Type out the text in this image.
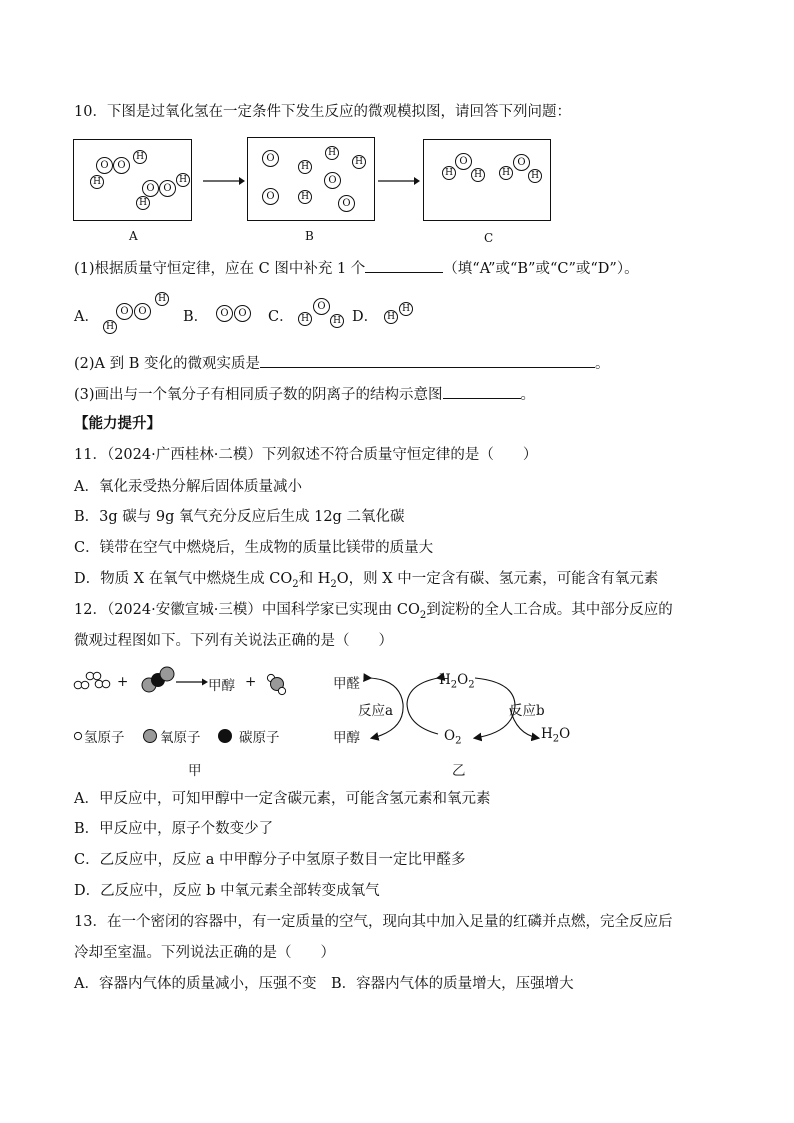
10．下图是过氧化氢在一定条件下发生反应的微观模拟图，请回答下列问题：
O O
H
H
O O
H
H
A
O	H
H	H
O
O	H
O
B
H
O
H	H
O
H
C
(1)根据质量守恒定律，应在 C 图中补充 1 个	（填“A”或“B”或“C”或“D”）。
A．
H
O O
H
B．	O O	C． H
O
H D． H
H
(2)A 到 B 变化的微观实质是	。
(3)画出与一个氧分子有相同质子数的阴离子的结构示意图	。
【能力提升】
11．（2024·广西桂林·二模）下列叙述不符合质量守恒定律的是（　　）
A．氧化汞受热分解后固体质量减小
B．3g 碳与 9g 氧气充分反应后生成 12g 二氧化碳
C．镁带在空气中燃烧后，生成物的质量比镁带的质量大
D．物质 X 在氧气中燃烧生成 $CO_2$和 $H_2O$，则 X 中一定含有碳、氢元素，可能含有氧元素
12．（2024·安徽宣城·三模）中国科学家已实现由 $CO_2$到淀粉的全人工合成。其中部分反应的
微观过程图如下。下列有关说法正确的是（　　）
+	甲醇 +
氢原子	氧原子	碳原子
甲
甲醛	$H_2O_2$
反应a	反应b
甲醇	$O_2$	$H_2O$
乙
A．甲反应中，可知甲醇中一定含碳元素，可能含氢元素和氧元素
B．甲反应中，原子个数变少了
C．乙反应中，反应 a 中甲醇分子中氢原子数目一定比甲醛多
D．乙反应中，反应 b 中氧元素全部转变成氧气
13．在一个密闭的容器中，有一定质量的空气，现向其中加入足量的红磷并点燃，完全反应后
冷却至室温。下列说法正确的是（　　）
A．容器内气体的质量减小，压强不变　B．容器内气体的质量增大，压强增大
